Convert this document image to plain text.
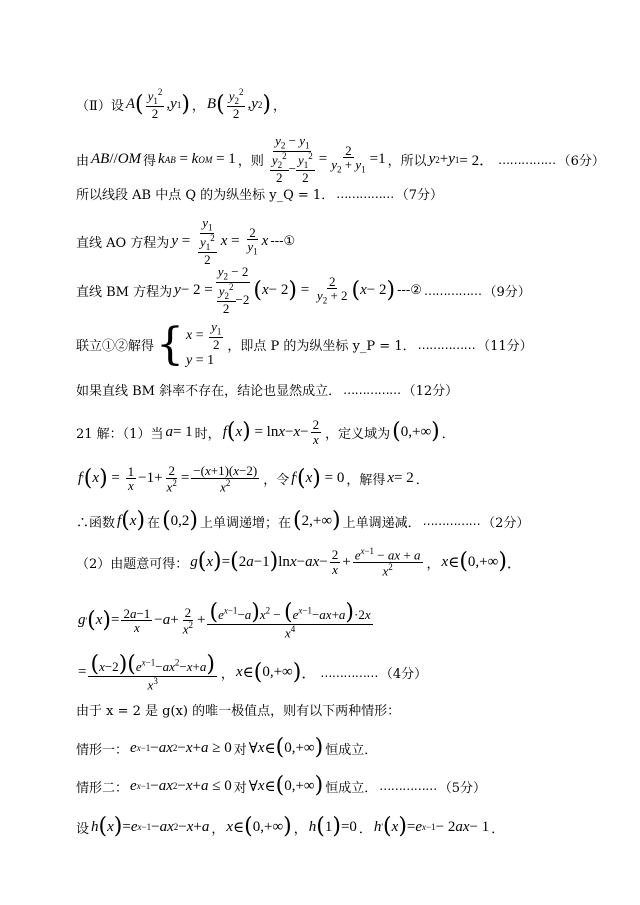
（Ⅱ）设 A ( $\frac{y_1^2}{2}$ , y 1 ) ， B ( $\frac{y_2^2}{2}$ , y 2 ) ，
由 AB // OM 得 k AB = k OM = 1 ，则 $\frac{y_2 - y_1}{\frac{y_2^2}{2} - \frac{y_1^2}{2}} = \frac{2}{y_2 + y_1} =1$ ，所以 y 2 + y 1 = 2． …………… （6分）
所以线段 AB 中点 Q 的为纵坐标 y_Q = 1． …………… （7分）
直线 AO 方程为 $y = \frac{y_1}{\frac{y_1^2}{2}}$ $x = \frac{2}{y_1}$ x ---①
直线 BM 方程为 $y - 2 = \frac{y_2 - 2}{\frac{y_2^2}{2} -2}$ ( x − 2 ) = $\frac{2}{y_2 + 2}$ ( x − 2 ) ---② …………… （9分）
联立①②解得 { $x = \frac{y_1}{2}$
y = 1
，即点 P 的为纵坐标 y_P = 1． …………… （11分）
如果直线 BM 斜率不存在，结论也显然成立． …………… （12分）
21 解：（1）当 a = 1 时， f ( x ) = $\ln x - x - \frac{2}{x}$ ，定义域为 ( 0,+∞ ) ．
f ' ( x ) = $\frac{1}{x} -1+ \frac{2}{x^2} = \frac{-(x+1)(x-2)}{x^2}$ ，令 f ' ( x ) = 0 ，解得 x = 2 ．
∴函数 f ( x ) 在 ( 0,2 ) 上单调递增；在 ( 2,+∞ ) 上单调递减． …………… （2分）
（2）由题意可得： g ( x ) = ( 2 a −1 ) ln x − ax − $\frac{2}{x} + \frac{e^{x-1} - ax + a}{x^2}$ ， x ∈ ( 0,+∞ ) ．
g ' ( x ) = $\frac{2a-1}{x} - a + \frac{2}{x^2} + \frac{(e^{x-1}-a)x^2 - (e^{x-1}-ax+a)\cdot 2x}{x^4}$
= $\frac{(x-2)(e^{x-1}-ax^2-x+a)}{x^3}$ ， x ∈ ( 0,+∞ ) ． …………… （4分）
由于 x = 2 是 g(x) 的唯一极值点，则有以下两种情形：
情形一： e x−1 − ax 2 − x + a
≥ 0 对 ∀ x ∈ ( 0,+∞ ) 恒成立．
情形二： e x−1 − ax 2 − x + a
≤ 0 对 ∀ x ∈ ( 0,+∞ ) 恒成立． …………… （5分）
设 h ( x ) = e x−1 − ax 2 − x + a ， x ∈ ( 0,+∞ ) ， h ( 1 ) =0 ． h ' ( x ) = e x−1 − 2 ax − 1 ．
